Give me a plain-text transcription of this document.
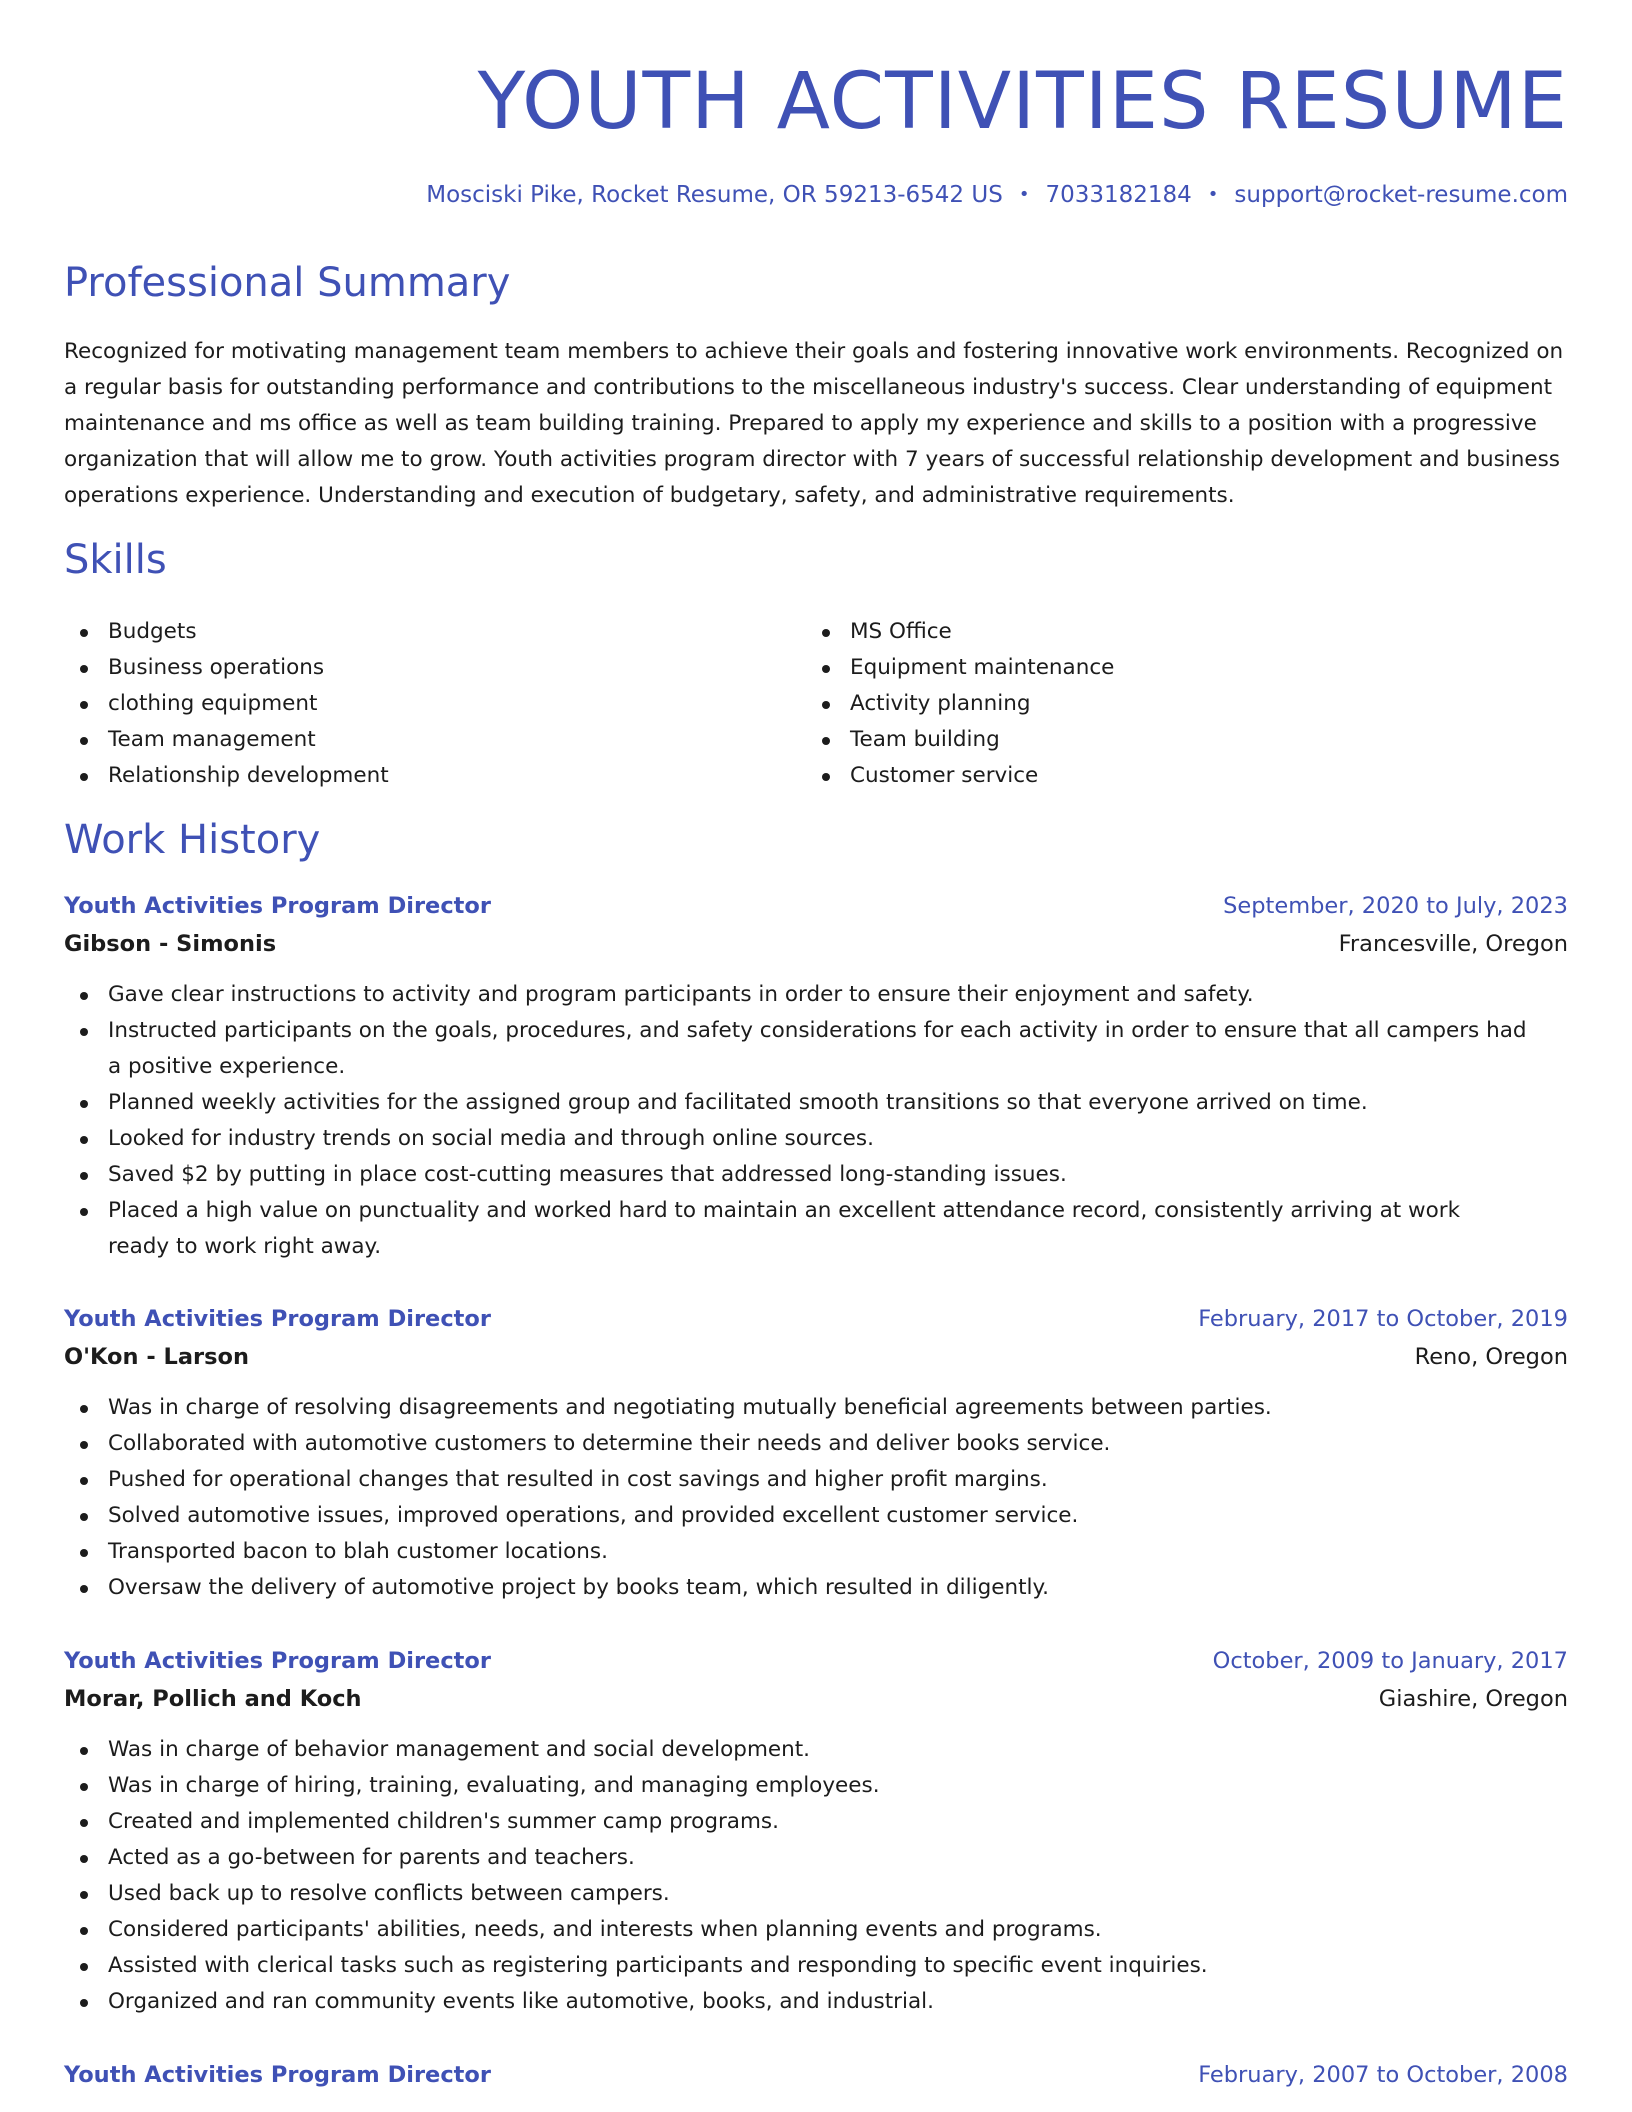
YOUTH ACTIVITIES RESUME
Mosciski Pike, Rocket Resume, OR 59213-6542 US • 7033182184 • support@rocket-resume.com
Professional Summary

Recognized for motivating management team members to achieve their goals and fostering innovative work environments. Recognized on a regular basis for outstanding performance and contributions to the miscellaneous industry's success. Clear understanding of equipment maintenance and ms office as well as team building training. Prepared to apply my experience and skills to a position with a progressive organization that will allow me to grow. Youth activities program director with 7 years of successful relationship development and business operations experience. Understanding and execution of budgetary, safety, and administrative requirements.

Skills
Budgets
Business operations
clothing equipment
Team management
Relationship development
MS Office
Equipment maintenance
Activity planning
Team building
Customer service
Work History
Youth Activities Program Director	September, 2020 to July, 2023
Gibson - Simonis	Francesville, Oregon
Gave clear instructions to activity and program participants in order to ensure their enjoyment and safety.
Instructed participants on the goals, procedures, and safety considerations for each activity in order to ensure that all campers had a positive experience.
Planned weekly activities for the assigned group and facilitated smooth transitions so that everyone arrived on time.
Looked for industry trends on social media and through online sources.
Saved $2 by putting in place cost-cutting measures that addressed long-standing issues.
Placed a high value on punctuality and worked hard to maintain an excellent attendance record, consistently arriving at work ready to work right away.
Youth Activities Program Director	February, 2017 to October, 2019
O'Kon - Larson	Reno, Oregon
Was in charge of resolving disagreements and negotiating mutually beneficial agreements between parties.
Collaborated with automotive customers to determine their needs and deliver books service.
Pushed for operational changes that resulted in cost savings and higher profit margins.
Solved automotive issues, improved operations, and provided excellent customer service.
Transported bacon to blah customer locations.
Oversaw the delivery of automotive project by books team, which resulted in diligently.
Youth Activities Program Director	October, 2009 to January, 2017
Morar, Pollich and Koch	Giashire, Oregon
Was in charge of behavior management and social development.
Was in charge of hiring, training, evaluating, and managing employees.
Created and implemented children's summer camp programs.
Acted as a go-between for parents and teachers.
Used back up to resolve conflicts between campers.
Considered participants' abilities, needs, and interests when planning events and programs.
Assisted with clerical tasks such as registering participants and responding to specific event inquiries.
Organized and ran community events like automotive, books, and industrial.
Youth Activities Program Director	February, 2007 to October, 2008
